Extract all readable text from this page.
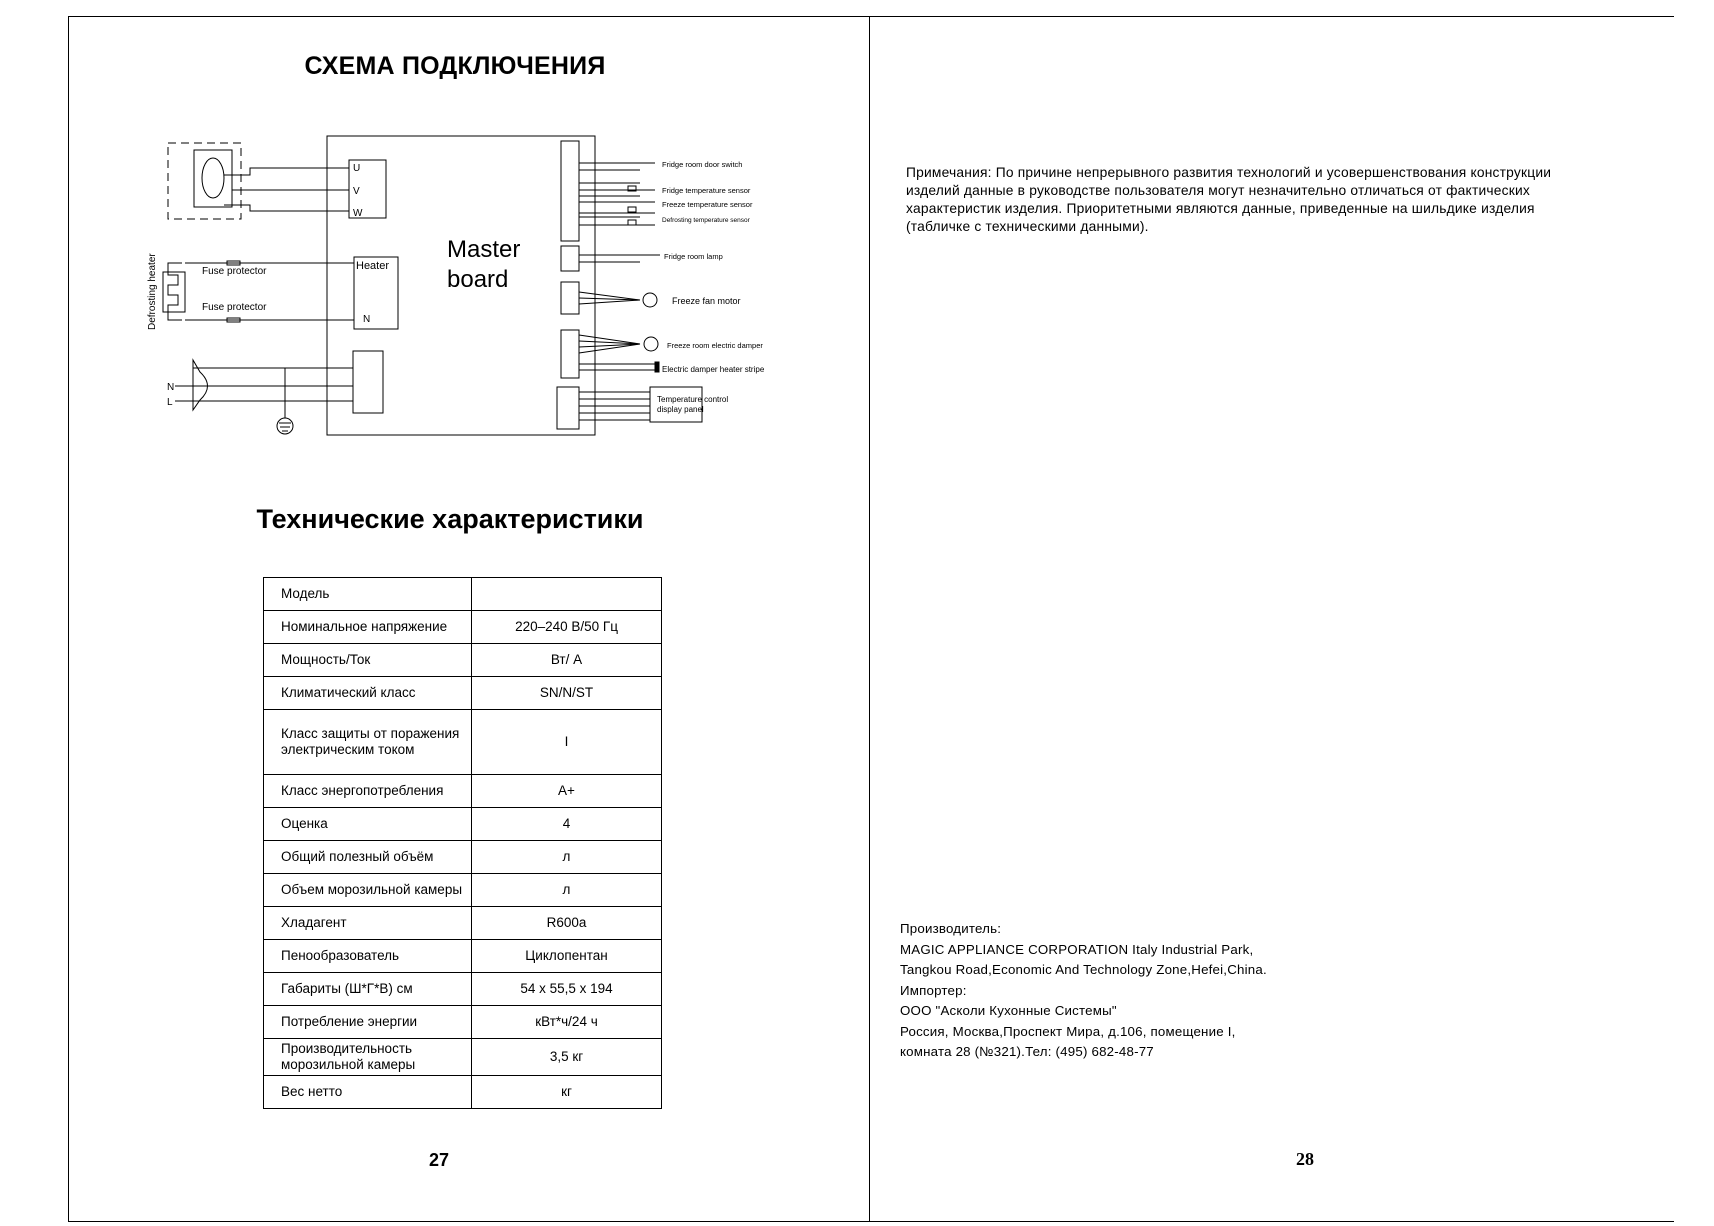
СХЕМА ПОДКЛЮЧЕНИЯ
U
V
W
Heater
N
N
L
Fuse protector
Fuse protector
Defrosting heater
Master
board
Fridge room door switch
Fridge temperature sensor
Freeze temperature sensor
Defrosting temperature sensor
Fridge room lamp
Freeze fan motor
Freeze room electric damper
Electric damper heater stripe
Temperature control
display panel
Технические характеристики
Модель	
Номинальное напряжение	220–240 В/50 Гц
Мощность/Ток	Вт/ А
Климатический класс	SN/N/ST
Класс защиты от поражения электрическим током	I
Класс энергопотребления	A+
Оценка	4
Общий полезный объём	л
Объем морозильной камеры	л
Хладагент	R600a
Пенообразователь	Циклопентан
Габариты (Ш*Г*В) см	54 х 55,5 х 194
Потребление энергии	кВт*ч/24 ч
Производительность морозильной камеры	3,5 кг
Вес нетто	кг
27

Примечания: По причине непрерывного развития технологий и усовершенствования конструкции изделий данные в руководстве пользователя могут незначительно отличаться от фактических характеристик изделия. Приоритетными являются данные, приведенные на шильдике изделия (табличке с техническими данными).

Производитель:
MAGIC APPLIANCE CORPORATION Italy Industrial Park,
Tangkou Road,Economic And Technology Zone,Hefei,China.
Импортер:
ООО "Асколи Кухонные Системы"
Россия, Москва,Проспект Мира, д.106, помещение I,
комната 28 (№321).Тел: (495) 682-48-77
28
